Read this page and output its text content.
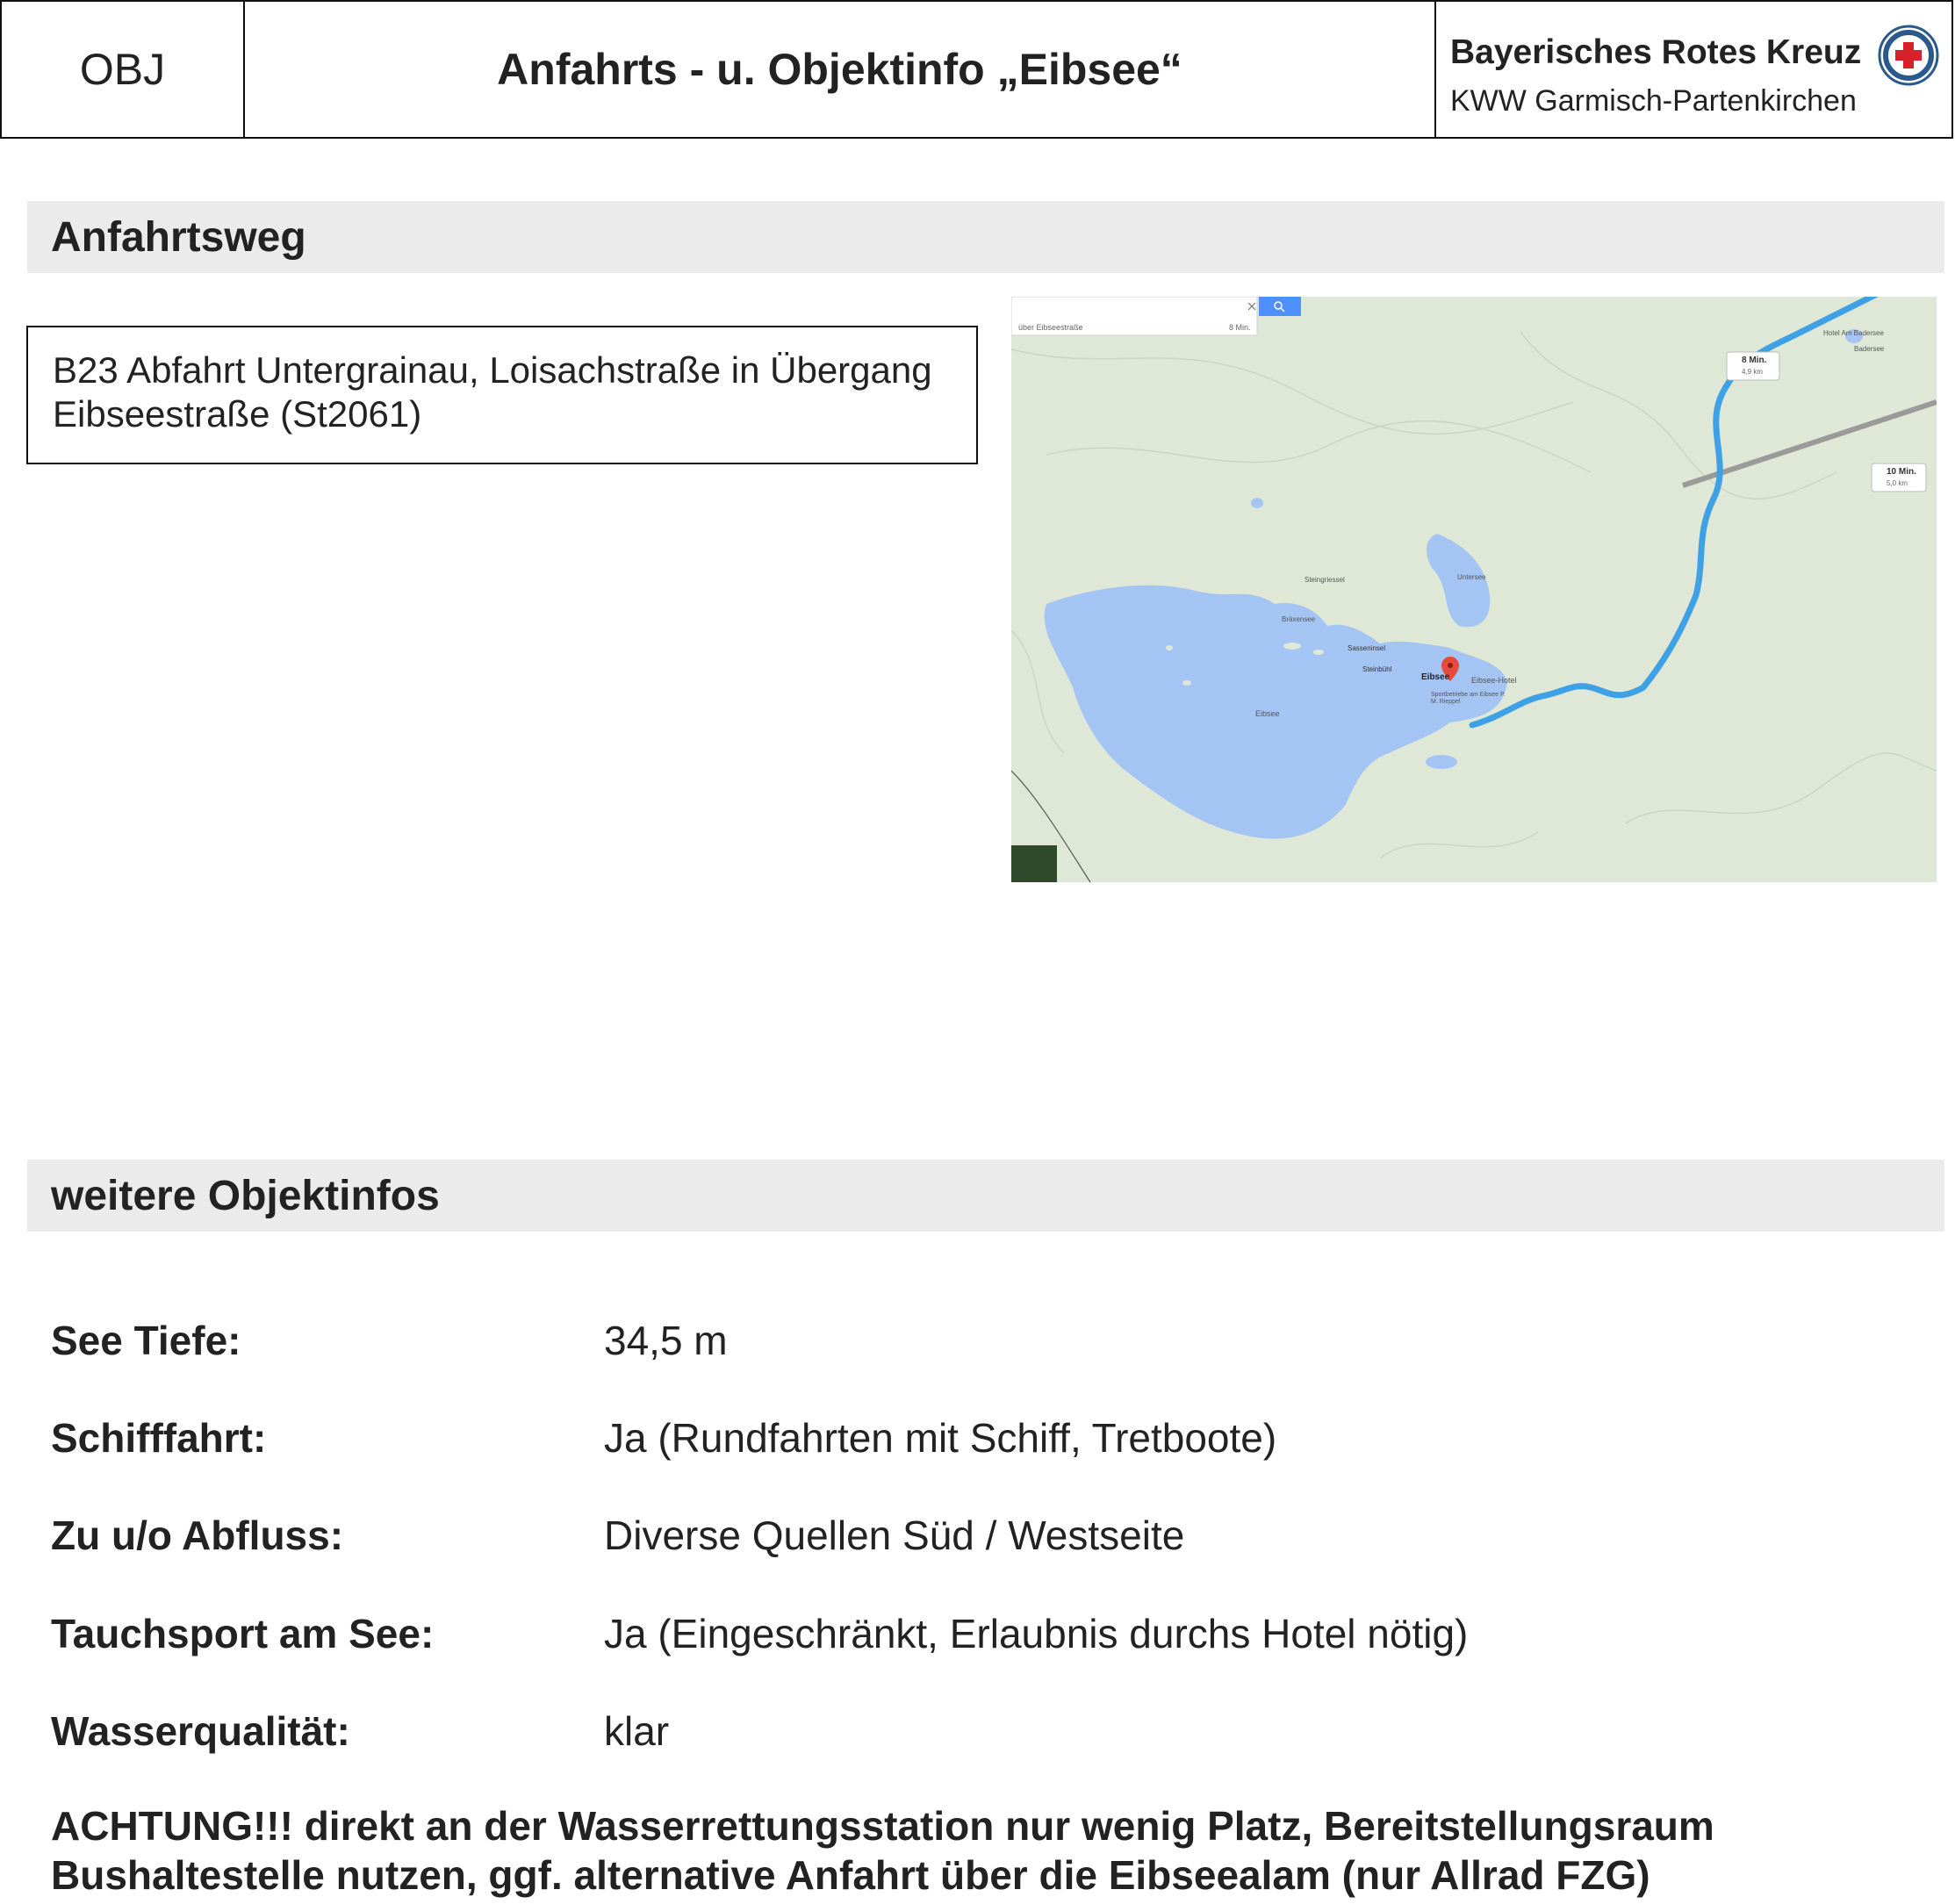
OBJ	Anfahrts - u. Objektinfo „Eibsee“	Bayerisches Rotes Kreuz
KWW Garmisch-Partenkirchen
Anfahrtsweg
B23 Abfahrt Untergrainau, Loisachstraße in Übergang Eibseestraße (St2061)
über Eibseestraße	8 Min.
8 Min.
4,9 km
10 Min.
5,0 km
Eibsee
Eibsee
Eibsee-Hotel
Hotel Am Badersee
Badersee
Untersee
Sasseninsel
Steinbühl
Bräxensee
Steingriessel
Sportbetriebe am Eibsee P. M. Rieppel
weitere Objektinfos
See Tiefe:	34,5 m
Schifffahrt:	Ja (Rundfahrten mit Schiff, Tretboote)
Zu u/o Abfluss:	Diverse Quellen Süd / Westseite
Tauchsport am See:	Ja (Eingeschränkt, Erlaubnis durchs Hotel nötig)
Wasserqualität:	klar
ACHTUNG!!! direkt an der Wasserrettungsstation nur wenig Platz, Bereitstellungsraum
Bushaltestelle nutzen, ggf. alternative Anfahrt über die Eibseealam (nur Allrad FZG)
